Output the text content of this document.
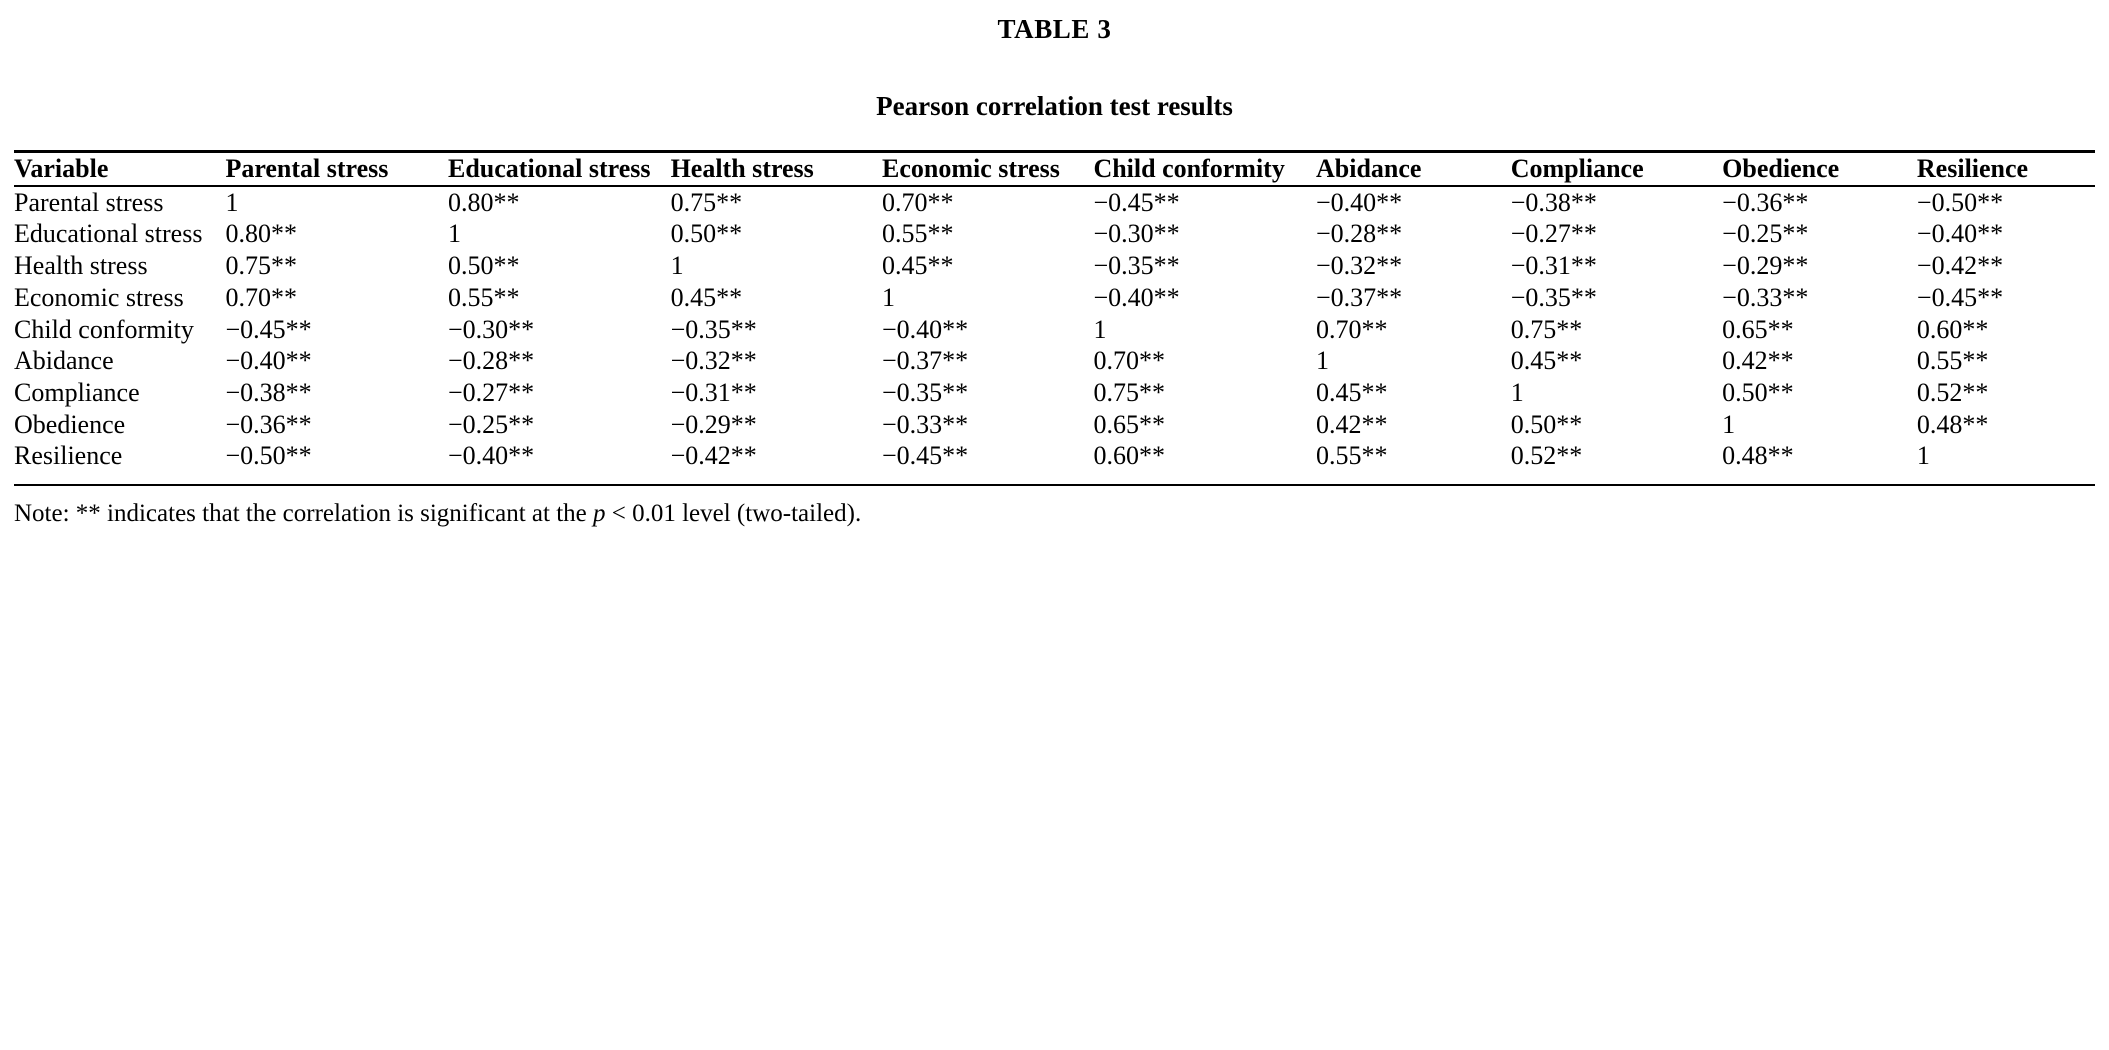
TABLE 3
Pearson correlation test results
Variable	Parental stress	Educational stress	Health stress	Economic stress	Child conformity	Abidance	Compliance	Obedience	Resilience
Parental stress	1	0.80**	0.75**	0.70**	−0.45**	−0.40**	−0.38**	−0.36**	−0.50**
Educational stress	0.80**	1	0.50**	0.55**	−0.30**	−0.28**	−0.27**	−0.25**	−0.40**
Health stress	0.75**	0.50**	1	0.45**	−0.35**	−0.32**	−0.31**	−0.29**	−0.42**
Economic stress	0.70**	0.55**	0.45**	1	−0.40**	−0.37**	−0.35**	−0.33**	−0.45**
Child conformity	−0.45**	−0.30**	−0.35**	−0.40**	1	0.70**	0.75**	0.65**	0.60**
Abidance	−0.40**	−0.28**	−0.32**	−0.37**	0.70**	1	0.45**	0.42**	0.55**
Compliance	−0.38**	−0.27**	−0.31**	−0.35**	0.75**	0.45**	1	0.50**	0.52**
Obedience	−0.36**	−0.25**	−0.29**	−0.33**	0.65**	0.42**	0.50**	1	0.48**
Resilience	−0.50**	−0.40**	−0.42**	−0.45**	0.60**	0.55**	0.52**	0.48**	1
Note: ** indicates that the correlation is significant at the p < 0.01 level (two-tailed).
